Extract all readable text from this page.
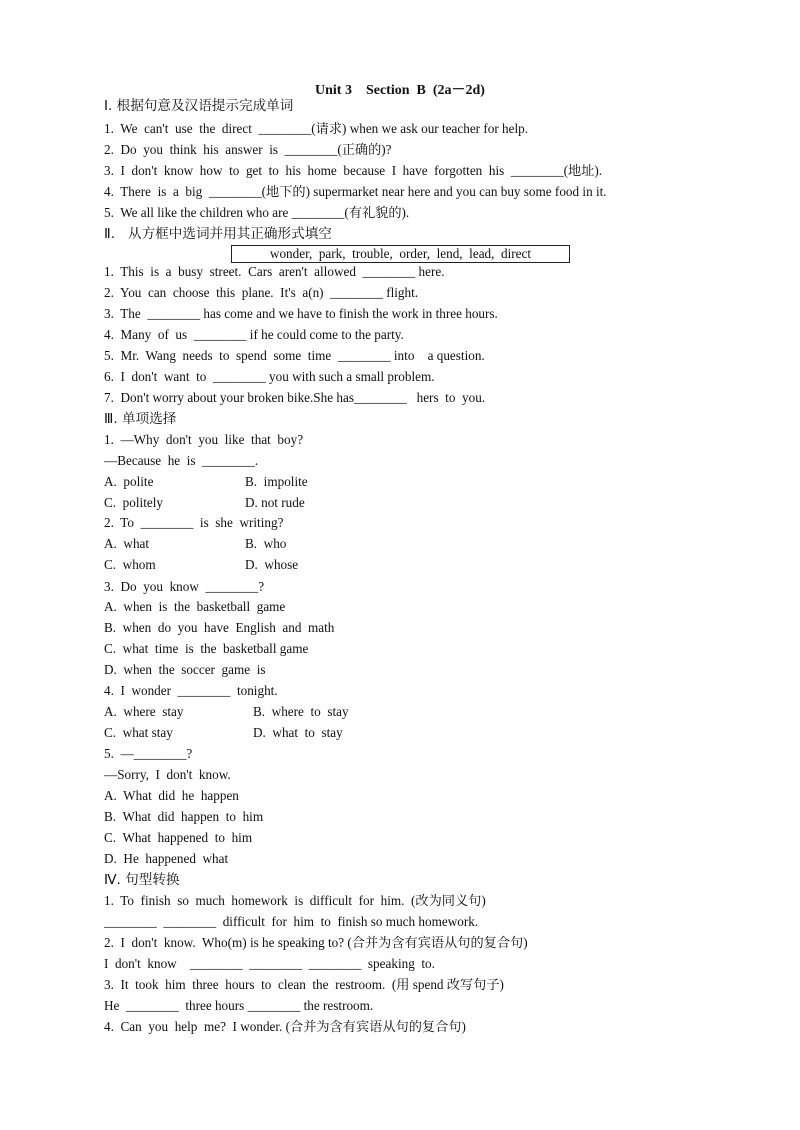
Unit 3    Section  B  (2a－2d)
Ⅰ. 根据句意及汉语提示完成单词
1.  We  can't  use  the  direct  ________(请求) when we ask our teacher for help.
2.  Do  you  think  his  answer  is  ________(正确的)?
3.  I  don't  know  how  to  get  to  his  home  because  I  have  forgotten  his  ________(地址).
4.  There  is  a  big  ________(地下的) supermarket near here and you can buy some food in it.
5.  We all like the children who are ________(有礼貌的).
Ⅱ.   从方框中选词并用其正确形式填空
wonder,  park,  trouble,  order,  lend,  lead,  direct
1.  This  is  a  busy  street.  Cars  aren't  allowed  ________ here.
2.  You  can  choose  this  plane.  It's  a(n)  ________ flight.
3.  The  ________ has come and we have to finish the work in three hours.
4.  Many  of  us  ________ if he could come to the party.
5.  Mr.  Wang  needs  to  spend  some  time  ________ into    a question.
6.  I  don't  want  to  ________ you with such a small problem.
7.  Don't worry about your broken bike.She has________   hers  to  you.
Ⅲ. 单项选择
1.  —Why  don't  you  like  that  boy?
—Because  he  is  ________.
A.  polite	B.  impolite
C.  politely	D. not rude
2.  To  ________  is  she  writing?
A.  what	B.  who
C.  whom	D.  whose
3.  Do  you  know  ________?
A.  when  is  the  basketball  game
B.  when  do  you  have  English  and  math
C.  what  time  is  the  basketball game
D.  when  the  soccer  game  is
4.  I  wonder  ________  tonight.
A.  where  stay	B.  where  to  stay
C.  what stay	D.  what  to  stay
5.  —________?
—Sorry,  I  don't  know.
A.  What  did  he  happen
B.  What  did  happen  to  him
C.  What  happened  to  him
D.  He  happened  what
Ⅳ. 句型转换
1.  To  finish  so  much  homework  is  difficult  for  him.  (改为同义句)
________  ________  difficult  for  him  to  finish so much homework.
2.  I  don't  know.  Who(m) is he speaking to? (合并为含有宾语从句的复合句)
I  don't  know    ________  ________  ________  speaking  to.
3.  It  took  him  three  hours  to  clean  the  restroom.  (用 spend 改写句子)
He  ________  three hours ________ the restroom.
4.  Can  you  help  me?  I wonder. (合并为含有宾语从句的复合句)
